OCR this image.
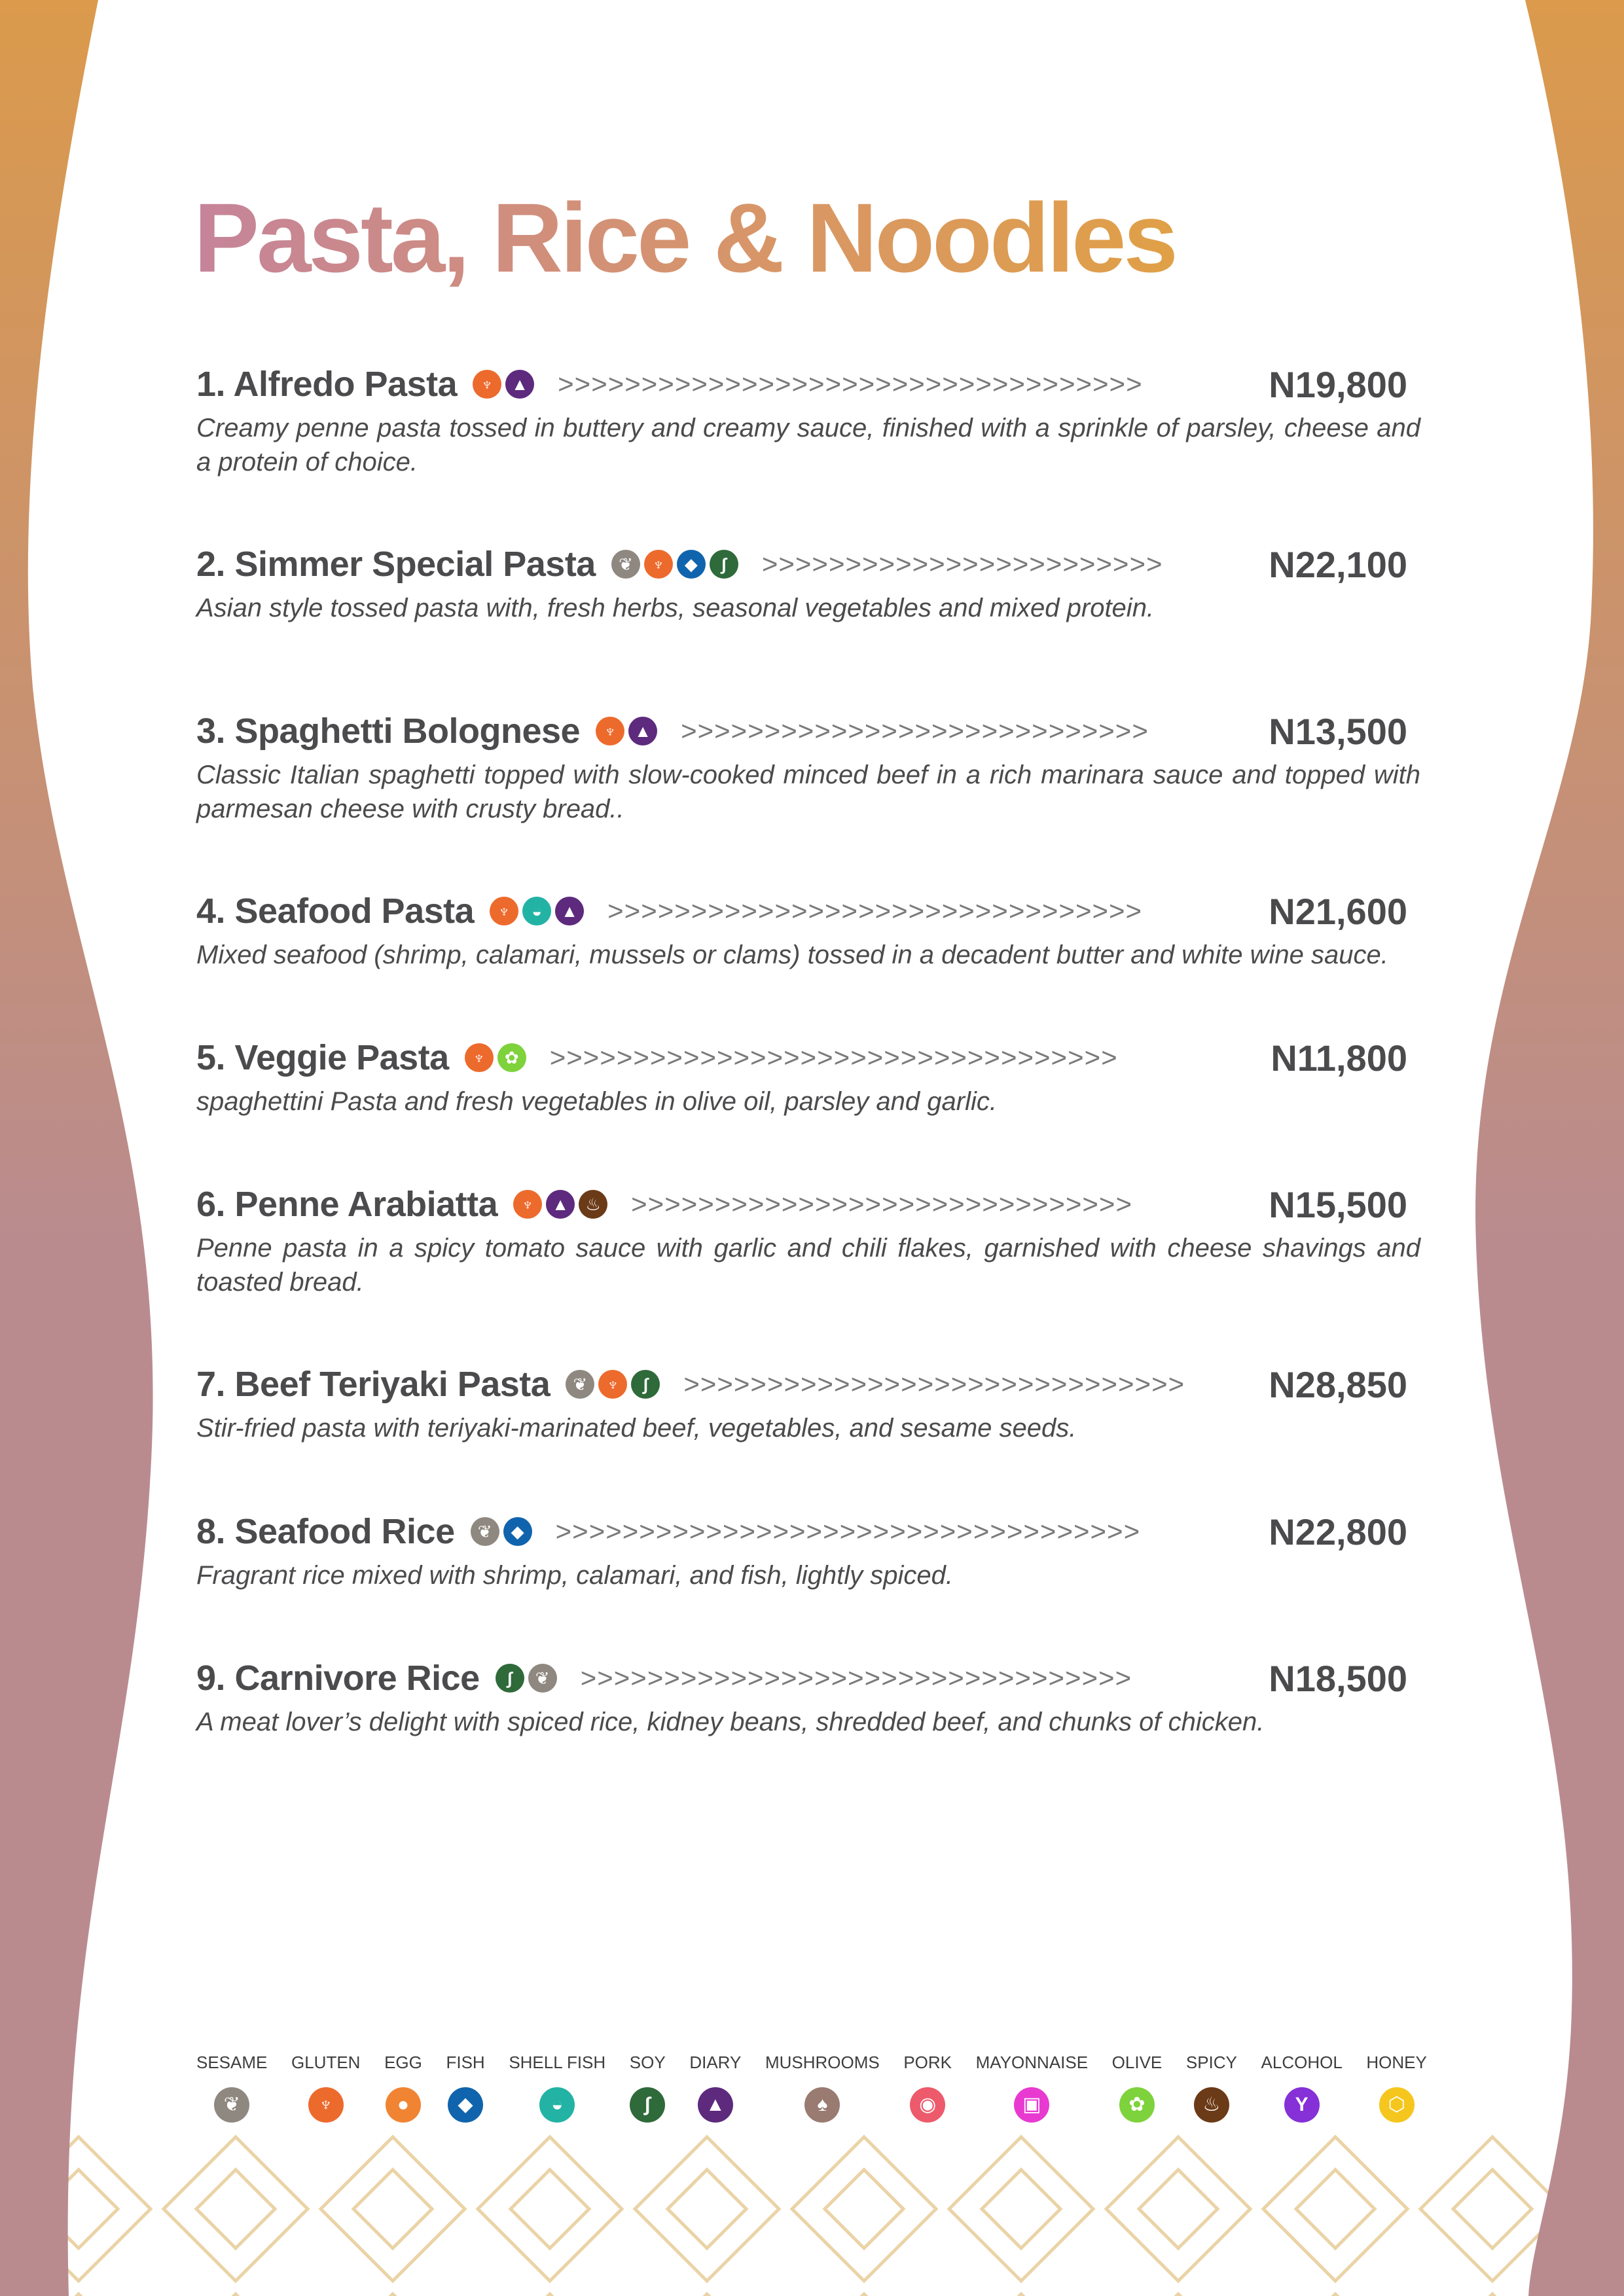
Pasta, Rice & Noodles
1. Alfredo Pasta	♆	▲ >>>>>>>>>>>>>>>>>>>>>>>>>>>>>>>>>>>	N19,800

Creamy penne pasta tossed in buttery and creamy sauce, finished with a sprinkle of parsley, cheese and a protein of choice.

2. Simmer Special Pasta	❦	♆	◆	∫	>>>>>>>>>>>>>>>>>>>>>>>>	N22,100

Asian style tossed pasta with, fresh herbs, seasonal vegetables and mixed protein.

3. Spaghetti Bolognese	♆	▲ >>>>>>>>>>>>>>>>>>>>>>>>>>>>	N13,500

Classic Italian spaghetti topped with slow-cooked minced beef in a rich marinara sauce and topped with parmesan cheese with crusty bread..

4. Seafood Pasta	♆	◒	▲ >>>>>>>>>>>>>>>>>>>>>>>>>>>>>>>>	N21,600

Mixed seafood (shrimp, calamari, mussels or clams) tossed in a decadent butter and white wine sauce.

5. Veggie Pasta	♆	✿ >>>>>>>>>>>>>>>>>>>>>>>>>>>>>>>>>>	N11,800

spaghettini Pasta and fresh vegetables in olive oil, parsley and garlic.

6. Penne Arabiatta	♆	▲ ♨ >>>>>>>>>>>>>>>>>>>>>>>>>>>>>>	N15,500

Penne pasta in a spicy tomato sauce with garlic and chili flakes, garnished with cheese shavings and toasted bread.

7. Beef Teriyaki Pasta	❦	♆	∫	>>>>>>>>>>>>>>>>>>>>>>>>>>>>>>	N28,850

Stir-fried pasta with teriyaki-marinated beef, vegetables, and sesame seeds.

8. Seafood Rice	❦	◆ >>>>>>>>>>>>>>>>>>>>>>>>>>>>>>>>>>>	N22,800

Fragrant rice mixed with shrimp, calamari, and fish, lightly spiced.

9. Carnivore Rice	∫	❦ >>>>>>>>>>>>>>>>>>>>>>>>>>>>>>>>>	N18,500

A meat lover’s delight with spiced rice, kidney beans, shredded beef, and chunks of chicken.

SESAME
❦
GLUTEN
♆
EGG
●
FISH
◆
SHELL FISH
◒
SOY
∫
DIARY
▲
MUSHROOMS
♠
PORK
◉
MAYONNAISE
▣
OLIVE
✿
SPICY
♨
ALCOHOL
Y
HONEY
⬡
